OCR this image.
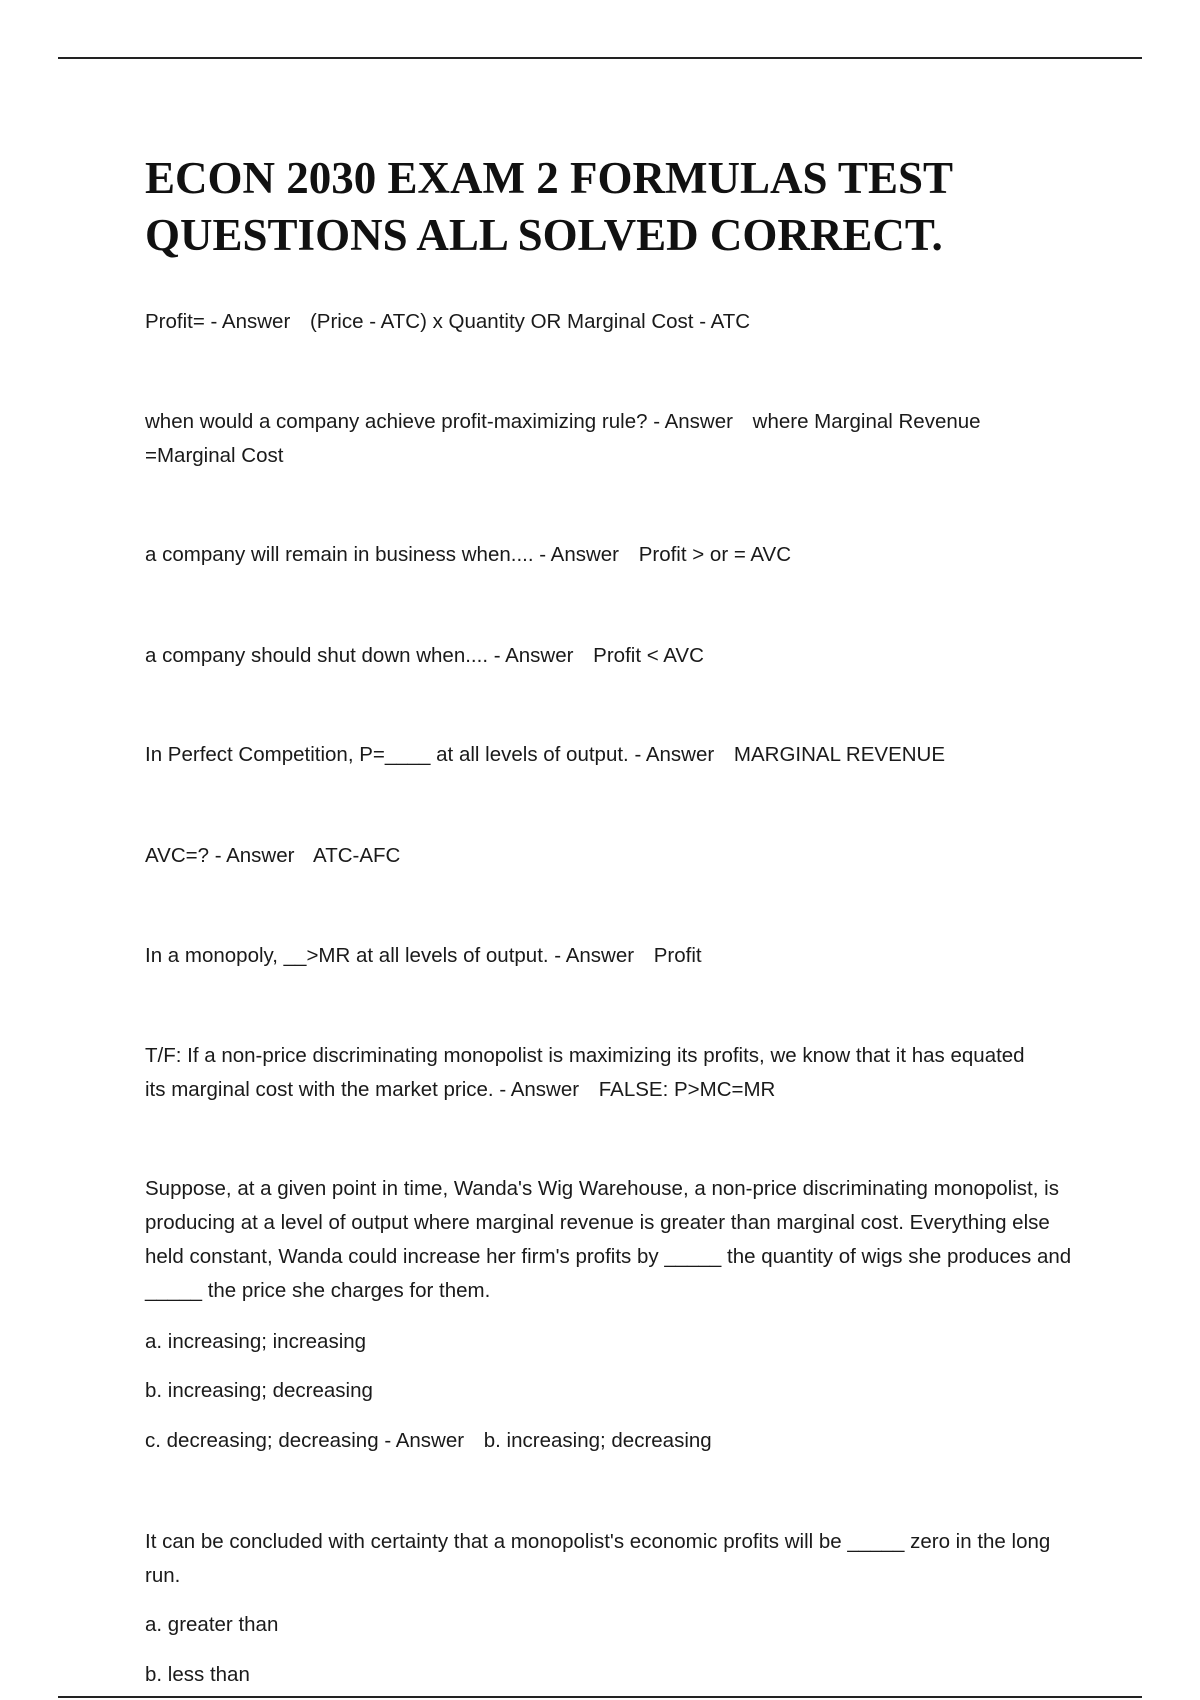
ECON 2030 EXAM 2 FORMULAS TEST
QUESTIONS ALL SOLVED CORRECT.
Profit= - Answer (Price - ATC) x Quantity OR Marginal Cost - ATC
when would a company achieve profit-maximizing rule? - Answer where Marginal Revenue =Marginal Cost
a company will remain in business when.... - Answer Profit > or = AVC
a company should shut down when.... - Answer Profit < AVC
In Perfect Competition, P=____ at all levels of output. - Answer MARGINAL REVENUE
AVC=? - Answer ATC-AFC
In a monopoly, __>MR at all levels of output. - Answer Profit
T/F: If a non-price discriminating monopolist is maximizing its profits, we know that it has equated its marginal cost with the market price. - Answer FALSE: P>MC=MR
Suppose, at a given point in time, Wanda's Wig Warehouse, a non-price discriminating monopolist, is producing at a level of output where marginal revenue is greater than marginal cost. Everything else held constant, Wanda could increase her firm's profits by _____ the quantity of wigs she produces and _____ the price she charges for them.
a. increasing; increasing
b. increasing; decreasing
c. decreasing; decreasing - Answer b. increasing; decreasing
It can be concluded with certainty that a monopolist's economic profits will be _____ zero in the long run.
a. greater than
b. less than
